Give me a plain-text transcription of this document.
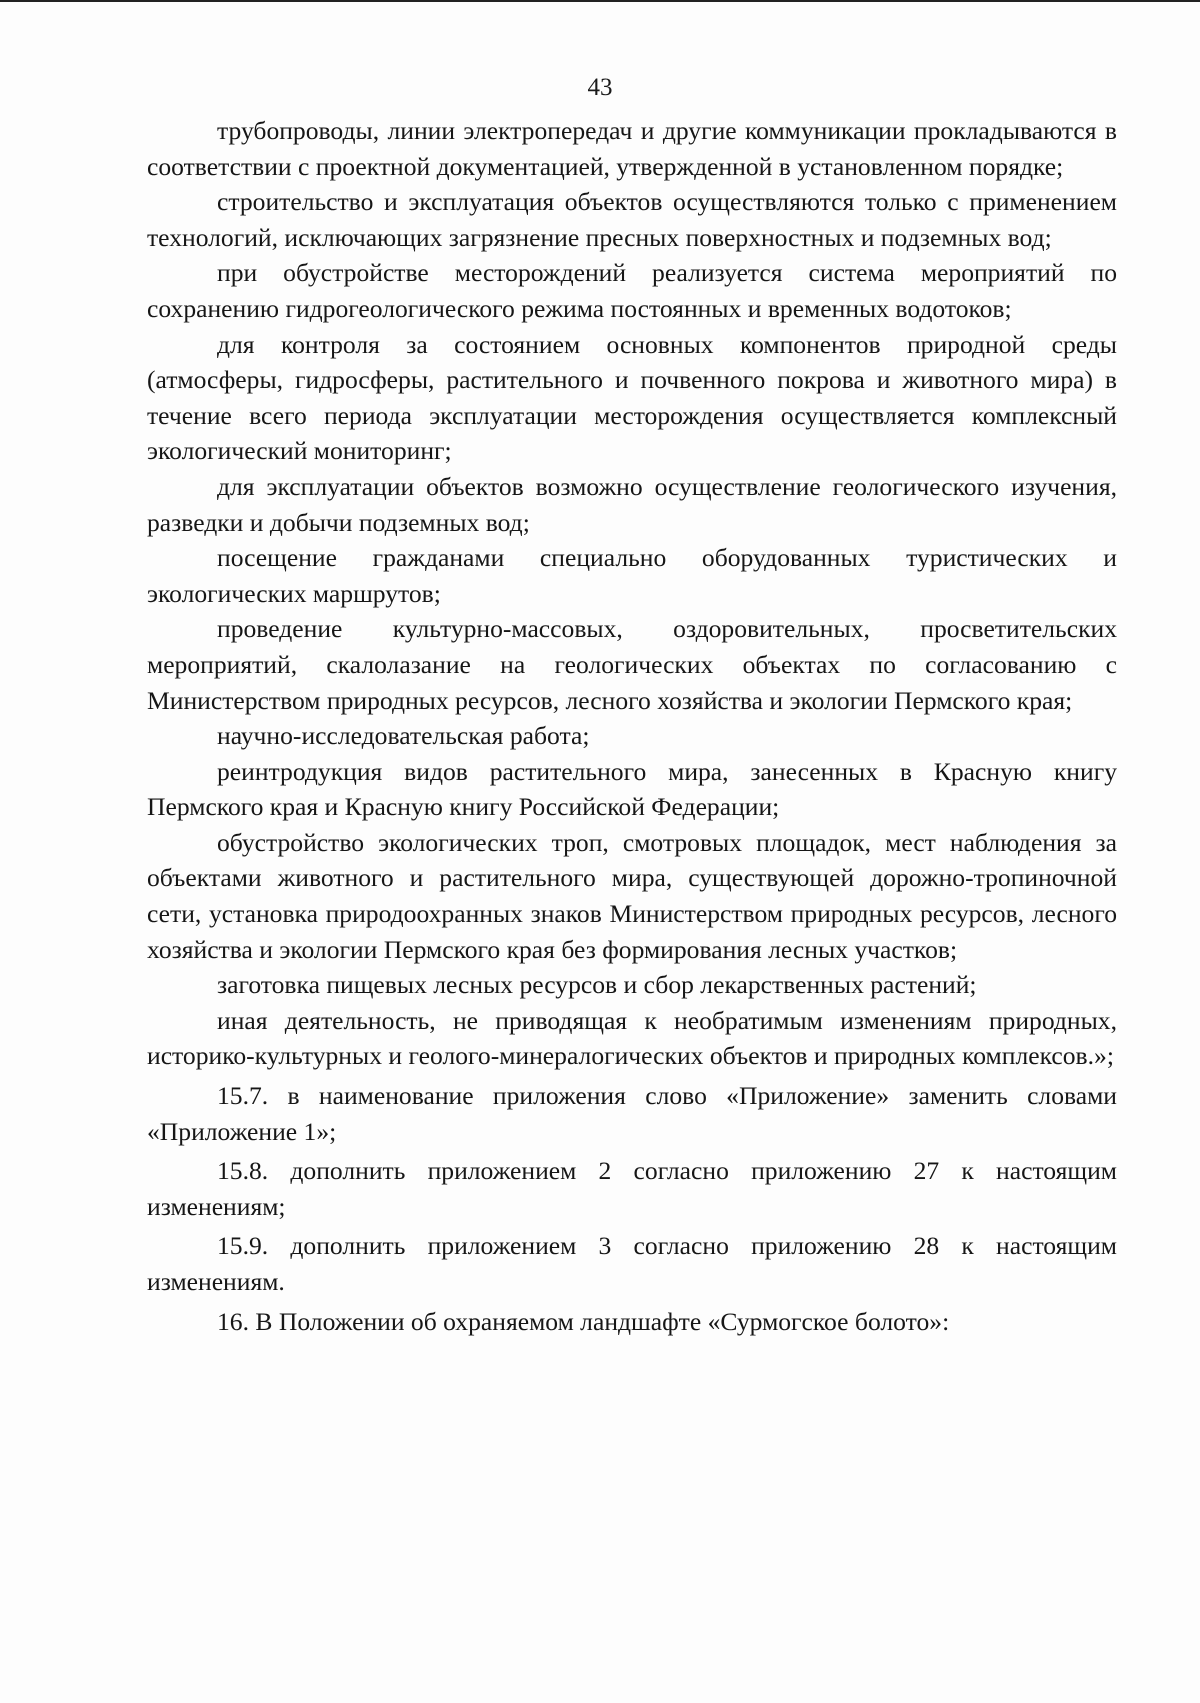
43

трубопроводы, линии электропередач и другие коммуникации прокладываются в соответствии с проектной документацией, утвержденной в установленном порядке;

строительство и эксплуатация объектов осуществляются только с применением технологий, исключающих загрязнение пресных поверхностных и подземных вод;

при обустройстве месторождений реализуется система мероприятий по сохранению гидрогеологического режима постоянных и временных водотоков;

для контроля за состоянием основных компонентов природной среды (атмосферы, гидросферы, растительного и почвенного покрова и животного мира) в течение всего периода эксплуатации месторождения осуществляется комплексный экологический мониторинг;

для эксплуатации объектов возможно осуществление геологического изучения, разведки и добычи подземных вод;

посещение гражданами специально оборудованных туристических и экологических маршрутов;

проведение культурно-массовых, оздоровительных, просветительских мероприятий, скалолазание на геологических объектах по согласованию с Министерством природных ресурсов, лесного хозяйства и экологии Пермского края;

научно-исследовательская работа;

реинтродукция видов растительного мира, занесенных в Красную книгу Пермского края и Красную книгу Российской Федерации;

обустройство экологических троп, смотровых площадок, мест наблюдения за объектами животного и растительного мира, существующей дорожно-тропиночной сети, установка природоохранных знаков Министерством природных ресурсов, лесного хозяйства и экологии Пермского края без формирования лесных участков;

заготовка пищевых лесных ресурсов и сбор лекарственных растений;

иная деятельность, не приводящая к необратимым изменениям природных, историко-культурных и геолого-минералогических объектов и природных комплексов.»;

15.7. в наименование приложения слово «Приложение» заменить словами «Приложение 1»;

15.8. дополнить приложением 2 согласно приложению 27 к настоящим изменениям;

15.9. дополнить приложением 3 согласно приложению 28 к настоящим изменениям.

16. В Положении об охраняемом ландшафте «Сурмогское болото»:
